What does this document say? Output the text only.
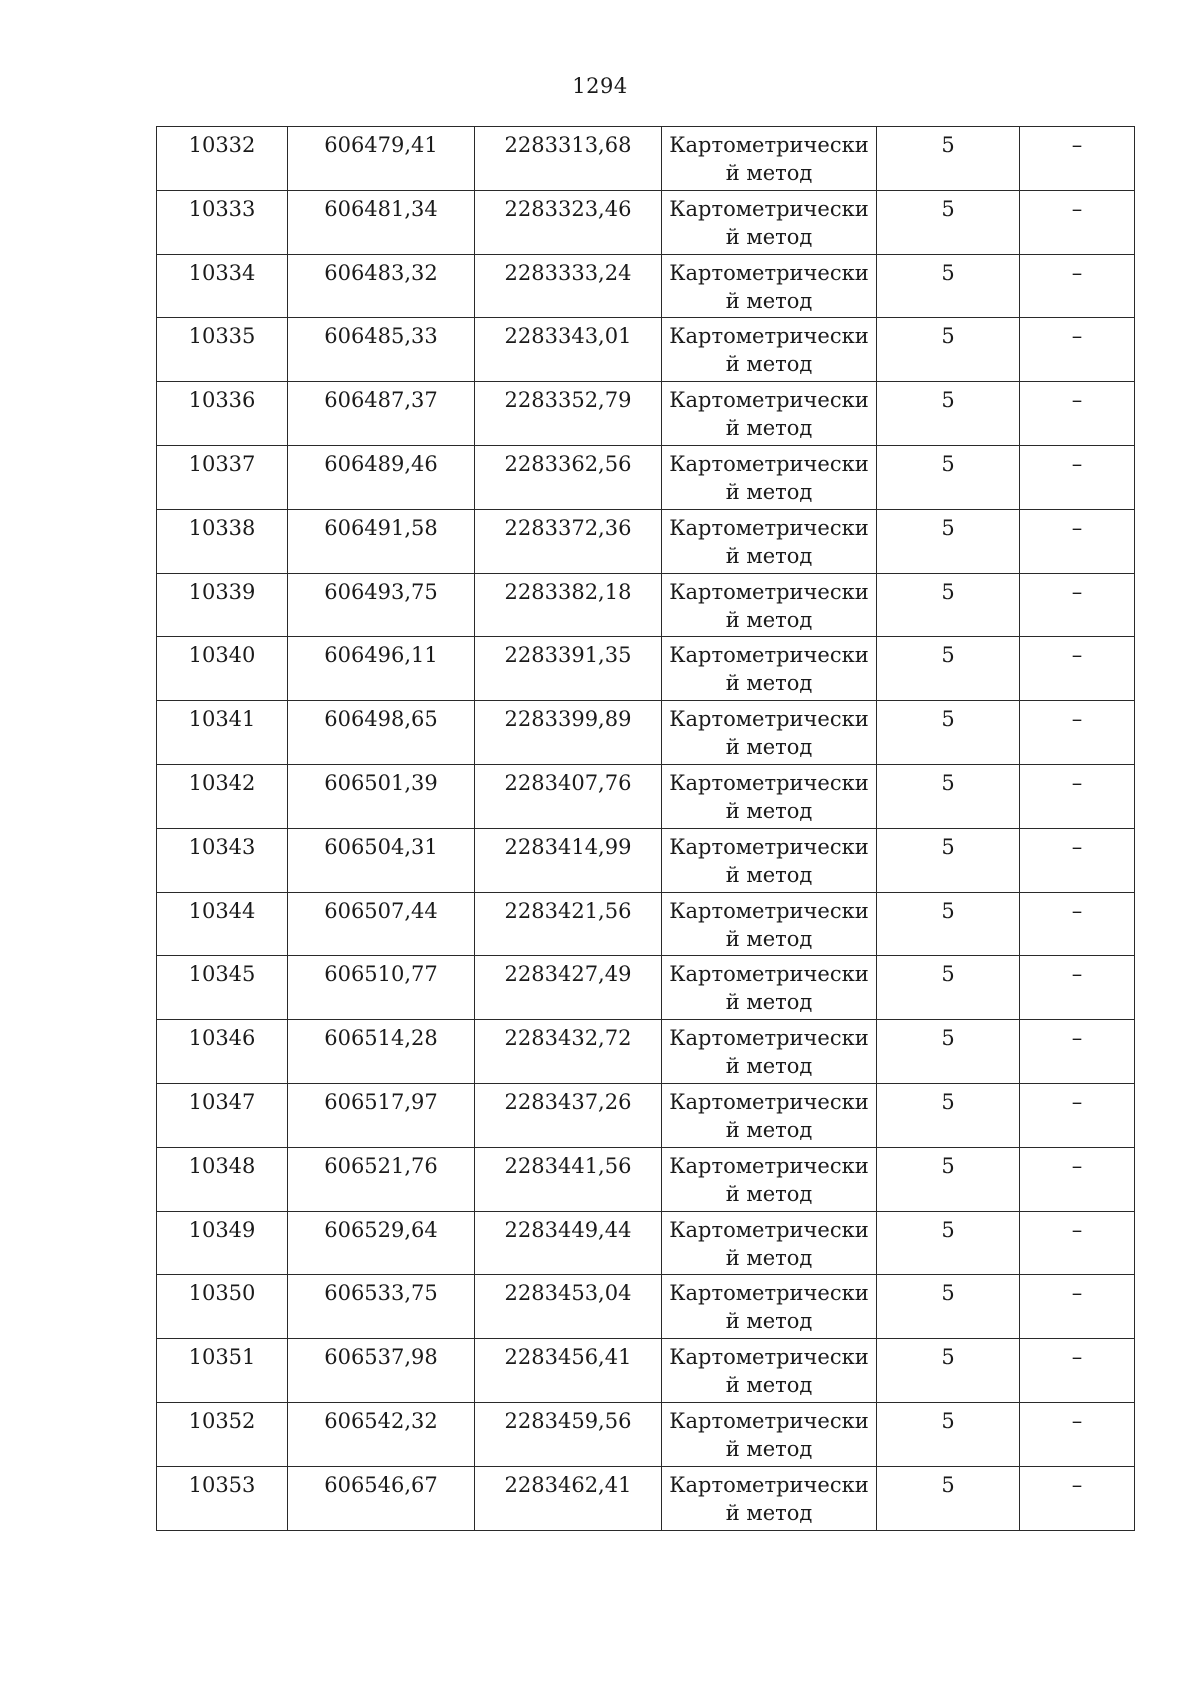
1294
10332	606479,41	2283313,68	Картометрически й метод	5	–
10333	606481,34	2283323,46	Картометрически й метод	5	–
10334	606483,32	2283333,24	Картометрически й метод	5	–
10335	606485,33	2283343,01	Картометрически й метод	5	–
10336	606487,37	2283352,79	Картометрически й метод	5	–
10337	606489,46	2283362,56	Картометрически й метод	5	–
10338	606491,58	2283372,36	Картометрически й метод	5	–
10339	606493,75	2283382,18	Картометрически й метод	5	–
10340	606496,11	2283391,35	Картометрически й метод	5	–
10341	606498,65	2283399,89	Картометрически й метод	5	–
10342	606501,39	2283407,76	Картометрически й метод	5	–
10343	606504,31	2283414,99	Картометрически й метод	5	–
10344	606507,44	2283421,56	Картометрически й метод	5	–
10345	606510,77	2283427,49	Картометрически й метод	5	–
10346	606514,28	2283432,72	Картометрически й метод	5	–
10347	606517,97	2283437,26	Картометрически й метод	5	–
10348	606521,76	2283441,56	Картометрически й метод	5	–
10349	606529,64	2283449,44	Картометрически й метод	5	–
10350	606533,75	2283453,04	Картометрически й метод	5	–
10351	606537,98	2283456,41	Картометрически й метод	5	–
10352	606542,32	2283459,56	Картометрически й метод	5	–
10353	606546,67	2283462,41	Картометрически й метод	5	–
